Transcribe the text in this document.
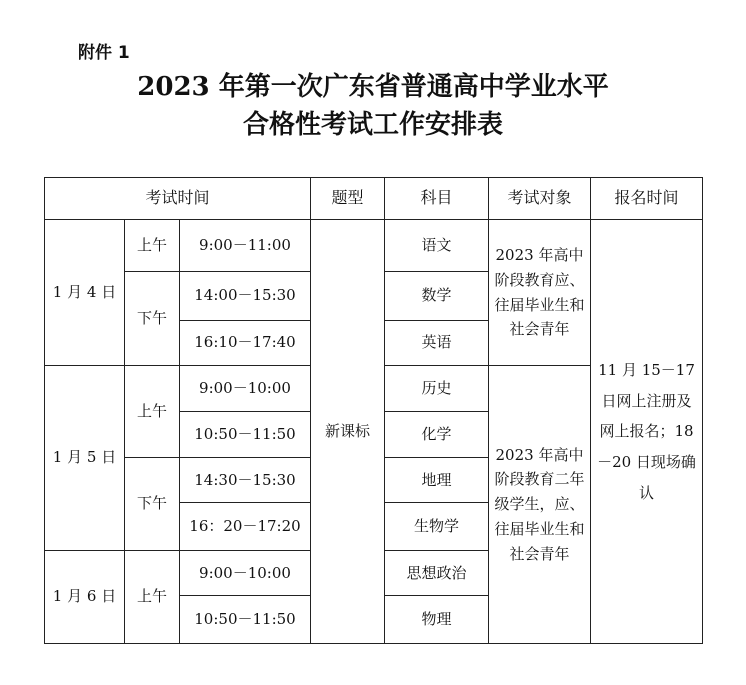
附件 1
2023 年第一次广东省普通高中学业水平
合格性考试工作安排表
考试时间			题型	科目	考试对象	报名时间
1 月 4 日	上午	9:00－11:00	新课标	语文	2023 年高中阶段教育应、往届毕业生和社会青年	11 月 15－17 日网上注册及网上报名；18－20 日现场确认

	下午	14:00－15:30		数学		
		16:10－17:40		英语		
1 月 5 日	上午	9:00－10:00		历史	2023 年高中阶段教育二年级学生，应、往届毕业生和社会青年	

		10:50－11:50		化学		
	下午	14:30－15:30		地理		
		16：20－17:20		生物学		
1 月 6 日	上午	9:00－10:00		思想政治		
		10:50－11:50		物理		
